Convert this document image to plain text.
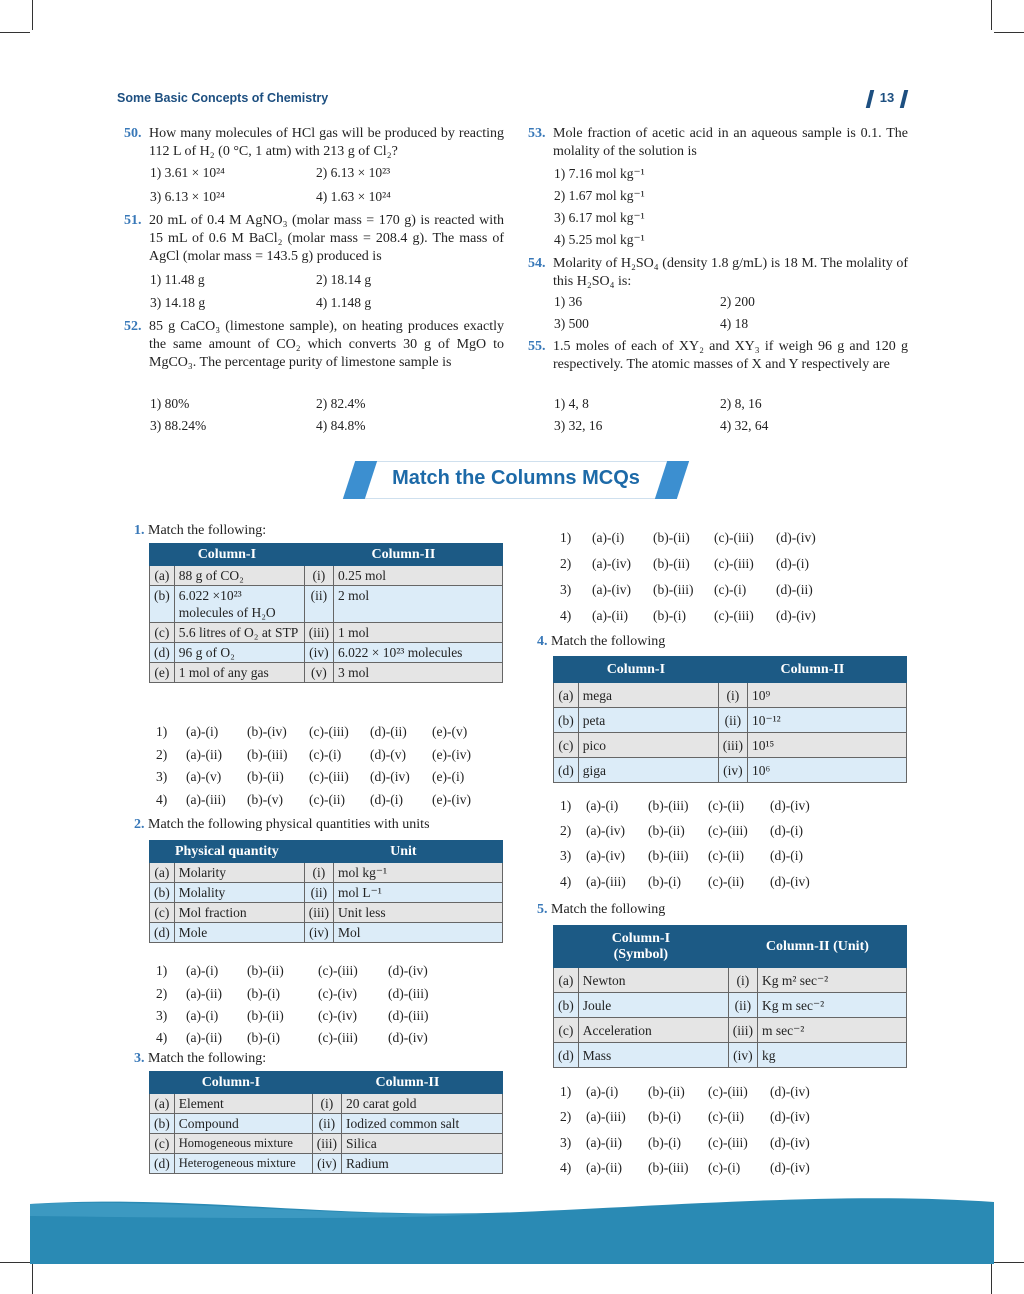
Some Basic Concepts of Chemistry	13
50. How many molecules of HCl gas will be produced by reacting 112 L of H₂ (0 °C, 1 atm) with 213 g of Cl₂?
1) 3.61 × 10²⁴	2) 6.13 × 10²³
3) 6.13 × 10²⁴	4) 1.63 × 10²⁴
51. 20 mL of 0.4 M AgNO₃ (molar mass = 170 g) is reacted with 15 mL of 0.6 M BaCl₂ (molar mass = 208.4 g). The mass of AgCl (molar mass = 143.5 g) produced is
1) 11.48 g	2) 18.14 g
3) 14.18 g	4) 1.148 g
52. 85 g CaCO₃ (limestone sample), on heating produces exactly the same amount of CO₂ which converts 30 g of MgO to MgCO₃. The percentage purity of limestone sample is
1) 80%	2) 82.4%
3) 88.24%	4) 84.8%
53. Mole fraction of acetic acid in an aqueous sample is 0.1. The molality of the solution is
1) 7.16 mol kg⁻¹
2) 1.67 mol kg⁻¹
3) 6.17 mol kg⁻¹
4) 5.25 mol kg⁻¹
54. Molarity of H₂SO₄ (density 1.8 g/mL) is 18 M. The molality of this H₂SO₄ is:
1) 36	2) 200
3) 500	4) 18
55. 1.5 moles of each of XY₂ and XY₃ if weigh 96 g and 120 g respectively. The atomic masses of X and Y respectively are
1) 4, 8	2) 8, 16
3) 32, 16	4) 32, 64
Match the Columns MCQs
1. Match the following:
Column-I		Column-II	
(a)	88 g of CO₂	(i)	0.25 mol
(b)	6.022 ×10²³ molecules of H₂O	(ii)	2 mol
(c)	5.6 litres of O₂ at STP	(iii)	1 mol
(d)	96 g of O₂	(iv)	6.022 × 10²³ molecules
(e)	1 mol of any gas	(v)	3 mol
1) (a)-(i) (b)-(iv) (c)-(iii) (d)-(ii) (e)-(v)
2) (a)-(ii) (b)-(iii) (c)-(i) (d)-(v) (e)-(iv)
3) (a)-(v) (b)-(ii) (c)-(iii) (d)-(iv) (e)-(i)
4) (a)-(iii) (b)-(v) (c)-(ii) (d)-(i) (e)-(iv)
2. Match the following physical quantities with units
Physical quantity		Unit	
(a)	Molarity	(i)	mol kg⁻¹
(b)	Molality	(ii)	mol L⁻¹
(c)	Mol fraction	(iii)	Unit less
(d)	Mole	(iv)	Mol
1) (a)-(i) (b)-(ii)	(c)-(iii) (d)-(iv)
2) (a)-(ii) (b)-(i)	(c)-(iv) (d)-(iii)
3) (a)-(i) (b)-(ii)	(c)-(iv) (d)-(iii)
4) (a)-(ii) (b)-(i)	(c)-(iii) (d)-(iv)
3. Match the following:
Column-I		Column-II	
(a)	Element	(i)	20 carat gold
(b)	Compound	(ii)	Iodized common salt
(c)	Homogeneous mixture	(iii)	Silica
(d)	Heterogeneous mixture	(iv)	Radium
1) (a)-(i) (b)-(ii) (c)-(iii) (d)-(iv)
2) (a)-(iv) (b)-(ii) (c)-(iii) (d)-(i)
3) (a)-(iv) (b)-(iii) (c)-(i) (d)-(ii)
4) (a)-(ii) (b)-(i) (c)-(iii) (d)-(iv)
4. Match the following
Column-I		Column-II	
(a)	mega	(i)	10⁹
(b)	peta	(ii)	10⁻¹²
(c)	pico	(iii)	10¹⁵
(d)	giga	(iv)	10⁶
1) (a)-(i) (b)-(iii) (c)-(ii) (d)-(iv)
2) (a)-(iv) (b)-(ii) (c)-(iii) (d)-(i)
3) (a)-(iv) (b)-(iii) (c)-(ii) (d)-(i)
4) (a)-(iii) (b)-(i) (c)-(ii) (d)-(iv)
5. Match the following
Column-I (Symbol)		Column-II (Unit)	
(a)	Newton	(i)	Kg m² sec⁻²
(b)	Joule	(ii)	Kg m sec⁻²
(c)	Acceleration	(iii)	m sec⁻²
(d)	Mass	(iv)	kg
1) (a)-(i) (b)-(ii) (c)-(iii) (d)-(iv)
2) (a)-(iii) (b)-(i) (c)-(ii) (d)-(iv)
3) (a)-(ii) (b)-(i) (c)-(iii) (d)-(iv)
4) (a)-(ii) (b)-(iii) (c)-(i) (d)-(iv)
